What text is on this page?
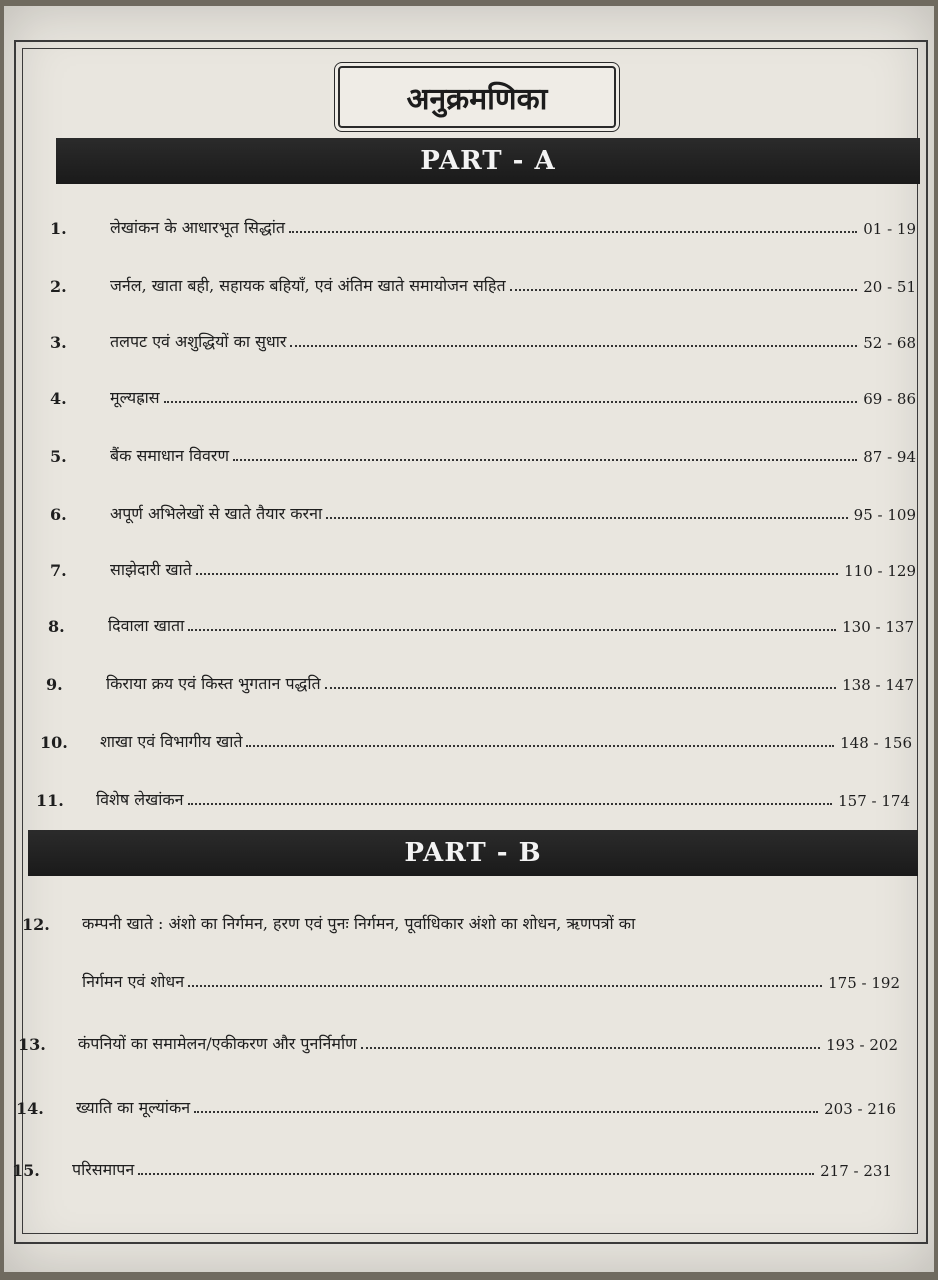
अनुक्रमणिका
PART - A
1.	लेखांकन के आधारभूत सिद्धांत	01 - 19
2.	जर्नल, खाता बही, सहायक बहियाँ, एवं अंतिम खाते समायोजन सहित	20 - 51
3.	तलपट एवं अशुद्धियों का सुधार	52 - 68
4.	मूल्यह्रास	69 - 86
5.	बैंक समाधान विवरण	87 - 94
6.	अपूर्ण अभिलेखों से खाते तैयार करना	95 - 109
7.	साझेदारी खाते	110 - 129
8.	दिवाला खाता	130 - 137
9.	किराया क्रय एवं किस्त भुगतान पद्धति	138 - 147
10.	शाखा एवं विभागीय खाते	148 - 156
11.	विशेष लेखांकन	157 - 174
PART - B
12.	कम्पनी खाते : अंशो का निर्गमन, हरण एवं पुनः निर्गमन, पूर्वाधिकार अंशो का शोधन, ऋणपत्रों का
निर्गमन एवं शोधन	175 - 192
13.	कंपनियों का समामेलन/एकीकरण और पुनर्निर्माण	193 - 202
14.	ख्याति का मूल्यांकन	203 - 216
15.	परिसमापन	217 - 231
